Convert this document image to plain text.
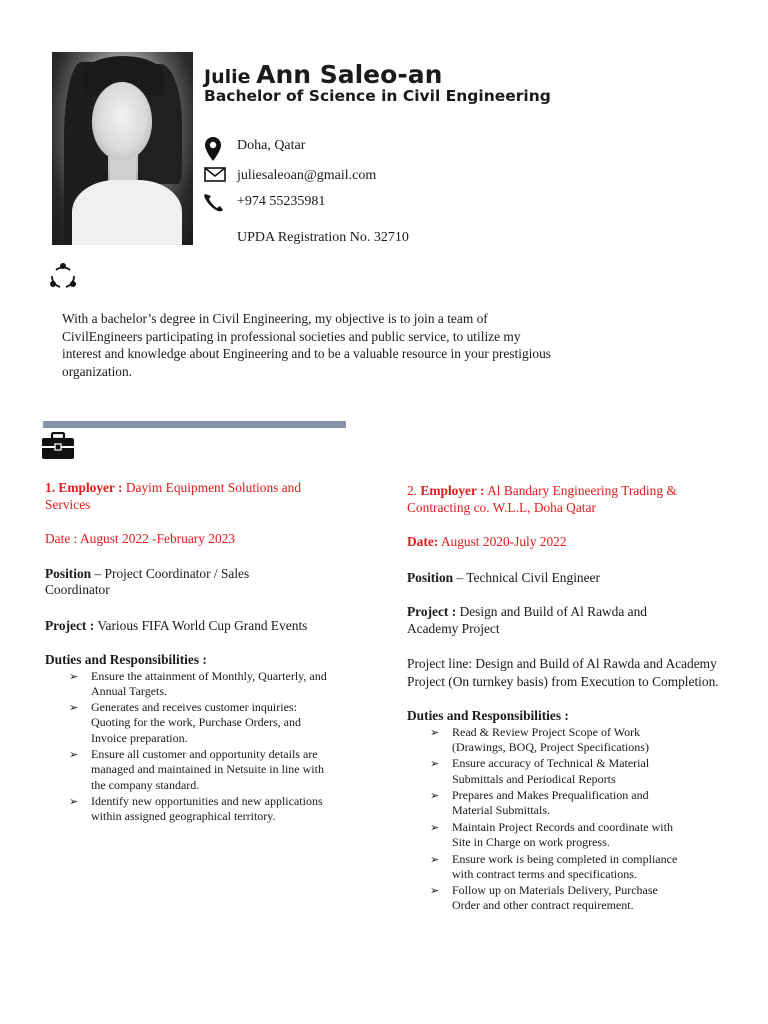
Julie Ann Saleo-an
Bachelor of Science in Civil Engineering
Doha, Qatar
juliesaleoan@gmail.com
+974 55235981
UPDA Registration No. 32710
With a bachelor’s degree in Civil Engineering, my objective is to join a team of CivilEngineers participating in professional societies and public service, to utilize my interest and knowledge about Engineering and to be a valuable resource in your prestigious organization.
1. Employer : Dayim Equipment Solutions and Services
Date : August 2022 -February 2023
Position – Project Coordinator / Sales Coordinator
Project : Various FIFA World Cup Grand Events
Duties and Responsibilities :
➢ Ensure the attainment of Monthly, Quarterly, and Annual Targets.
➢ Generates and receives customer inquiries: Quoting for the work, Purchase Orders, and Invoice preparation.
➢ Ensure all customer and opportunity details are managed and maintained in Netsuite in line with the company standard.
➢ Identify new opportunities and new applications within assigned geographical territory.
2. Employer : Al Bandary Engineering Trading & Contracting co. W.L.L, Doha Qatar
Date: August 2020-July 2022
Position – Technical Civil Engineer
Project : Design and Build of Al Rawda and Academy Project
Project line: Design and Build of Al Rawda and Academy Project (On turnkey basis) from Execution to Completion.
Duties and Responsibilities :
➢ Read & Review Project Scope of Work (Drawings, BOQ, Project Specifications)
➢ Ensure accuracy of Technical & Material Submittals and Periodical Reports
➢ Prepares and Makes Prequalification and Material Submittals.
➢ Maintain Project Records and coordinate with Site in Charge on work progress.
➢ Ensure work is being completed in compliance with contract terms and specifications.
➢ Follow up on Materials Delivery, Purchase Order and other contract requirement.
